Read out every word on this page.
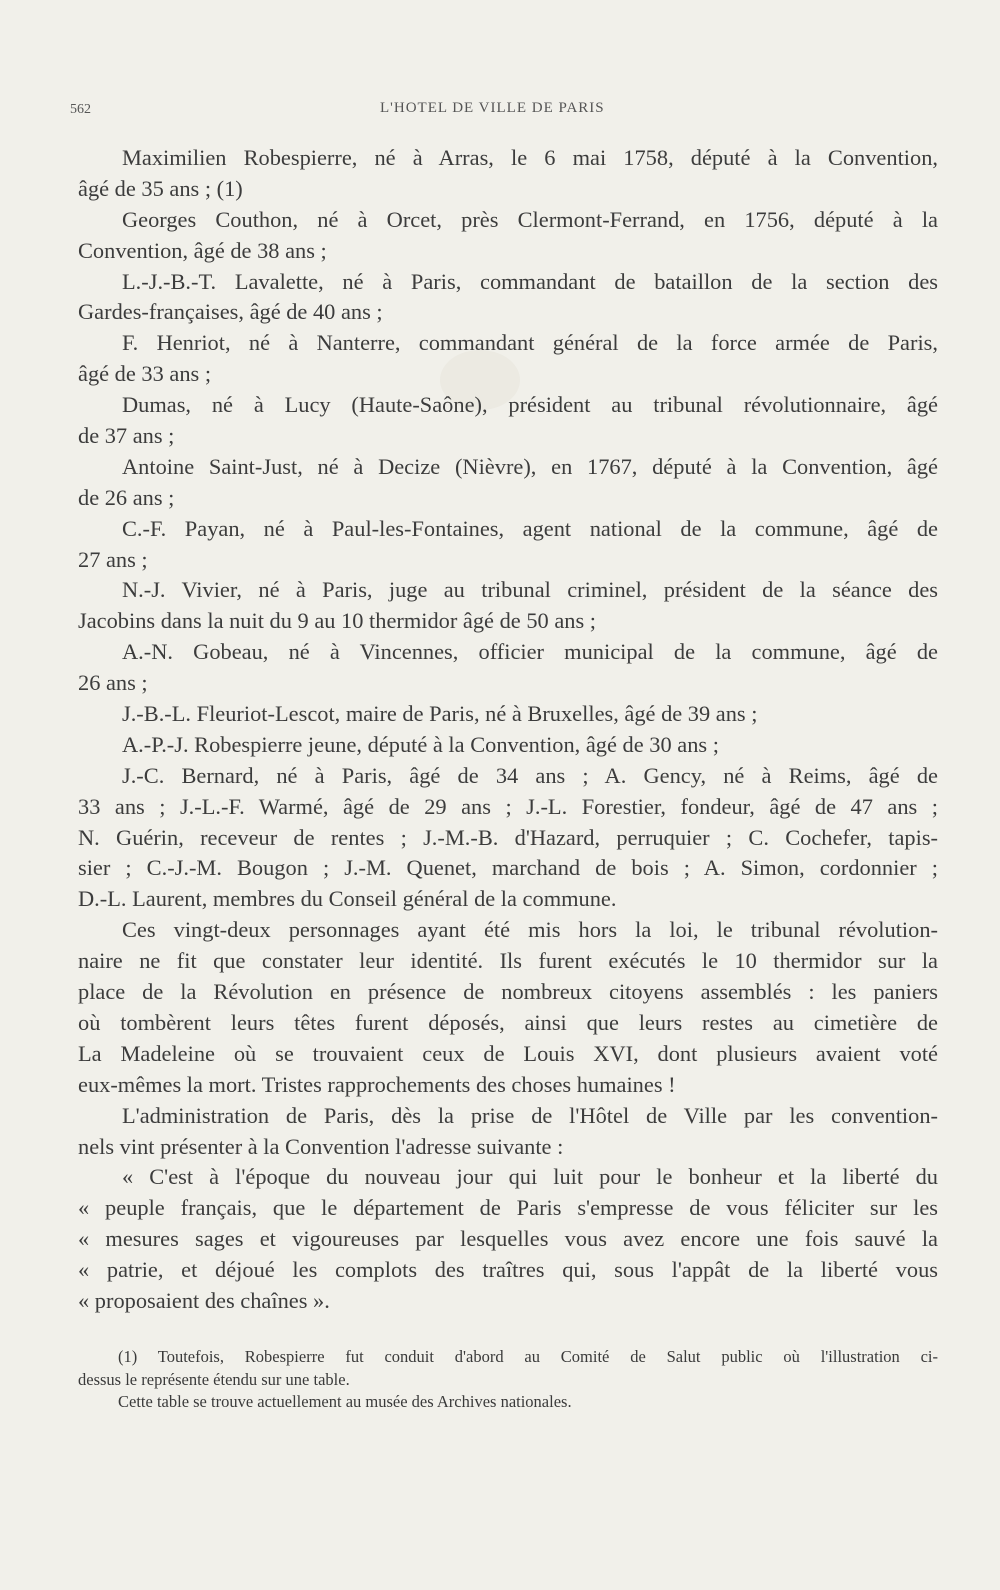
562	L'HOTEL DE VILLE DE PARIS
Maximilien Robespierre, né à Arras, le 6 mai 1758, député à la Convention,
âgé de 35 ans ; (1)
Georges Couthon, né à Orcet, près Clermont-Ferrand, en 1756, député à la
Convention, âgé de 38 ans ;
L.-J.-B.-T. Lavalette, né à Paris, commandant de bataillon de la section des
Gardes-françaises, âgé de 40 ans ;
F. Henriot, né à Nanterre, commandant général de la force armée de Paris,
âgé de 33 ans ;
Dumas, né à Lucy (Haute-Saône), président au tribunal révolutionnaire, âgé
de 37 ans ;
Antoine Saint-Just, né à Decize (Nièvre), en 1767, député à la Convention, âgé
de 26 ans ;
C.-F. Payan, né à Paul-les-Fontaines, agent national de la commune, âgé de
27 ans ;
N.-J. Vivier, né à Paris, juge au tribunal criminel, président de la séance des
Jacobins dans la nuit du 9 au 10 thermidor âgé de 50 ans ;
A.-N. Gobeau, né à Vincennes, officier municipal de la commune, âgé de
26 ans ;
J.-B.-L. Fleuriot-Lescot, maire de Paris, né à Bruxelles, âgé de 39 ans ;
A.-P.-J. Robespierre jeune, député à la Convention, âgé de 30 ans ;
J.-C. Bernard, né à Paris, âgé de 34 ans ; A. Gency, né à Reims, âgé de
33 ans ; J.-L.-F. Warmé, âgé de 29 ans ; J.-L. Forestier, fondeur, âgé de 47 ans ;
N. Guérin, receveur de rentes ; J.-M.-B. d'Hazard, perruquier ; C. Cochefer, tapis-
sier ; C.-J.-M. Bougon ; J.-M. Quenet, marchand de bois ; A. Simon, cordonnier ;
D.-L. Laurent, membres du Conseil général de la commune.
Ces vingt-deux personnages ayant été mis hors la loi, le tribunal révolution-
naire ne fit que constater leur identité. Ils furent exécutés le 10 thermidor sur la
place de la Révolution en présence de nombreux citoyens assemblés : les paniers
où tombèrent leurs têtes furent déposés, ainsi que leurs restes au cimetière de
La Madeleine où se trouvaient ceux de Louis XVI, dont plusieurs avaient voté
eux-mêmes la mort. Tristes rapprochements des choses humaines !
L'administration de Paris, dès la prise de l'Hôtel de Ville par les convention-
nels vint présenter à la Convention l'adresse suivante :
« C'est à l'époque du nouveau jour qui luit pour le bonheur et la liberté du
« peuple français, que le département de Paris s'empresse de vous féliciter sur les
« mesures sages et vigoureuses par lesquelles vous avez encore une fois sauvé la
« patrie, et déjoué les complots des traîtres qui, sous l'appât de la liberté vous
« proposaient des chaînes ».
(1) Toutefois, Robespierre fut conduit d'abord au Comité de Salut public où l'illustration ci-
dessus le représente étendu sur une table.
Cette table se trouve actuellement au musée des Archives nationales.
